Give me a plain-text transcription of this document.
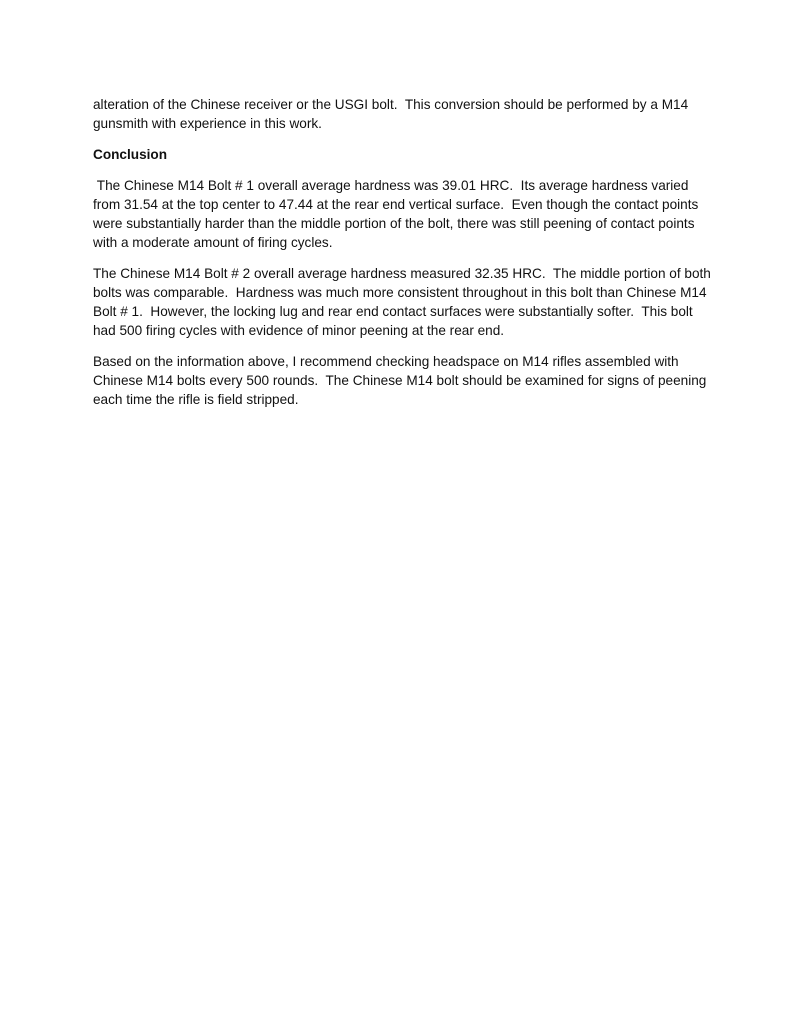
alteration of the Chinese receiver or the USGI bolt.  This conversion should be performed by a M14 gunsmith with experience in this work.

Conclusion

The Chinese M14 Bolt # 1 overall average hardness was 39.01 HRC.  Its average hardness varied from 31.54 at the top center to 47.44 at the rear end vertical surface.  Even though the contact points were substantially harder than the middle portion of the bolt, there was still peening of contact points with a moderate amount of firing cycles.

The Chinese M14 Bolt # 2 overall average hardness measured 32.35 HRC.  The middle portion of both bolts was comparable.  Hardness was much more consistent throughout in this bolt than Chinese M14 Bolt # 1.  However, the locking lug and rear end contact surfaces were substantially softer.  This bolt had 500 firing cycles with evidence of minor peening at the rear end.

Based on the information above, I recommend checking headspace on M14 rifles assembled with Chinese M14 bolts every 500 rounds.  The Chinese M14 bolt should be examined for signs of peening each time the rifle is field stripped.
